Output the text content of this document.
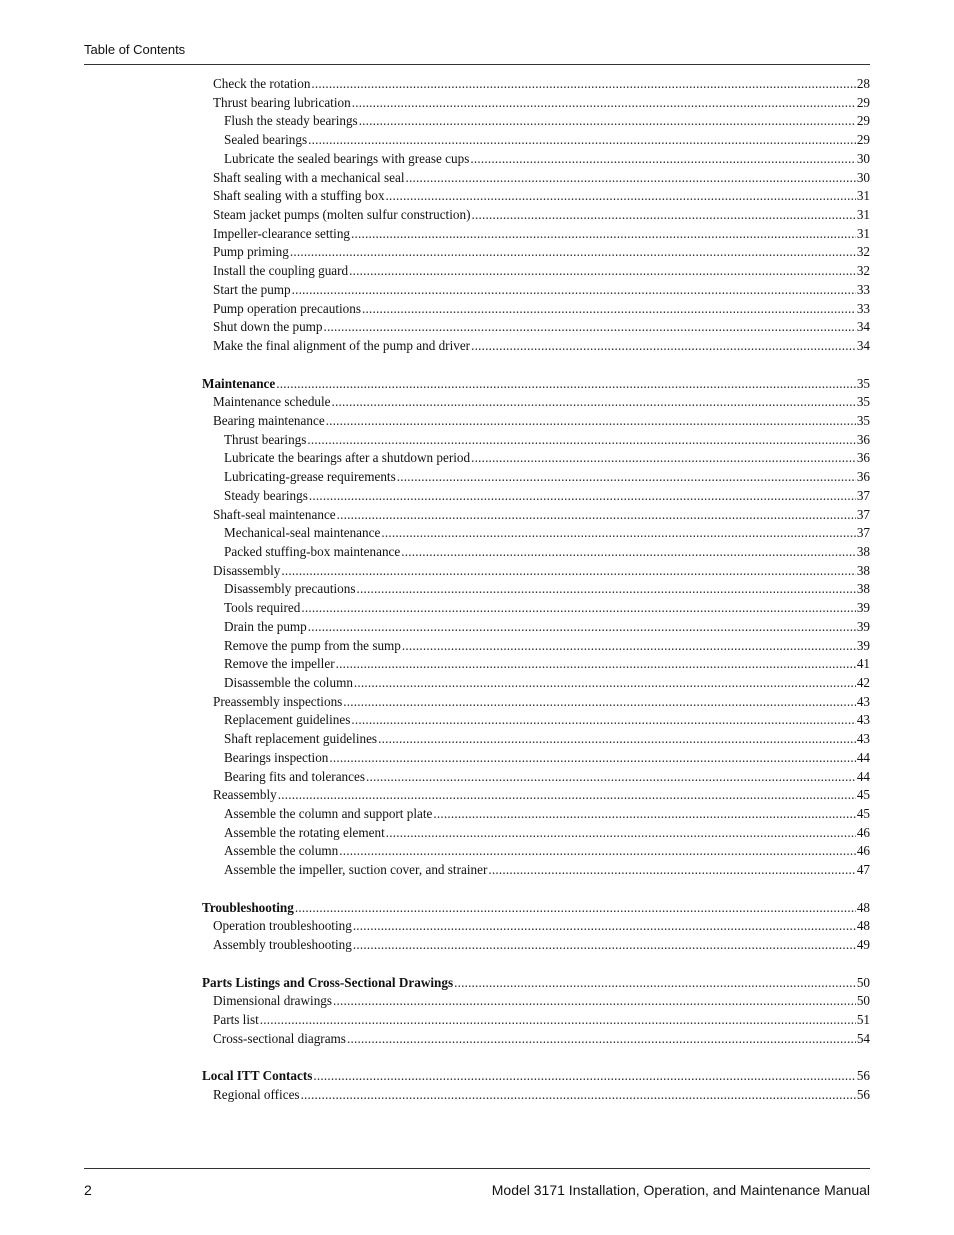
Table of Contents
Check the rotation .....	28
Thrust bearing lubrication .....	29
Flush the steady bearings .....	29
Sealed bearings .....	29
Lubricate the sealed bearings with grease cups .....	30
Shaft sealing with a mechanical seal .....	30
Shaft sealing with a stuffing box .....	31
Steam jacket pumps (molten sulfur construction) .....	31
Impeller-clearance setting .....	31
Pump priming .....	32
Install the coupling guard .....	32
Start the pump .....	33
Pump operation precautions .....	33
Shut down the pump .....	34
Make the final alignment of the pump and driver .....	34
Maintenance .....	35
Maintenance schedule .....	35
Bearing maintenance .....	35
Thrust bearings .....	36
Lubricate the bearings after a shutdown period .....	36
Lubricating-grease requirements .....	36
Steady bearings .....	37
Shaft-seal maintenance .....	37
Mechanical-seal maintenance .....	37
Packed stuffing-box maintenance .....	38
Disassembly .....	38
Disassembly precautions .....	38
Tools required .....	39
Drain the pump .....	39
Remove the pump from the sump .....	39
Remove the impeller .....	41
Disassemble the column .....	42
Preassembly inspections .....	43
Replacement guidelines .....	43
Shaft replacement guidelines .....	43
Bearings inspection .....	44
Bearing fits and tolerances .....	44
Reassembly .....	45
Assemble the column and support plate .....	45
Assemble the rotating element .....	46
Assemble the column .....	46
Assemble the impeller, suction cover, and strainer .....	47
Troubleshooting .....	48
Operation troubleshooting .....	48
Assembly troubleshooting .....	49
Parts Listings and Cross-Sectional Drawings .....	50
Dimensional drawings .....	50
Parts list .....	51
Cross-sectional diagrams .....	54
Local ITT Contacts .....	56
Regional offices .....	56
2	Model 3171 Installation, Operation, and Maintenance Manual
